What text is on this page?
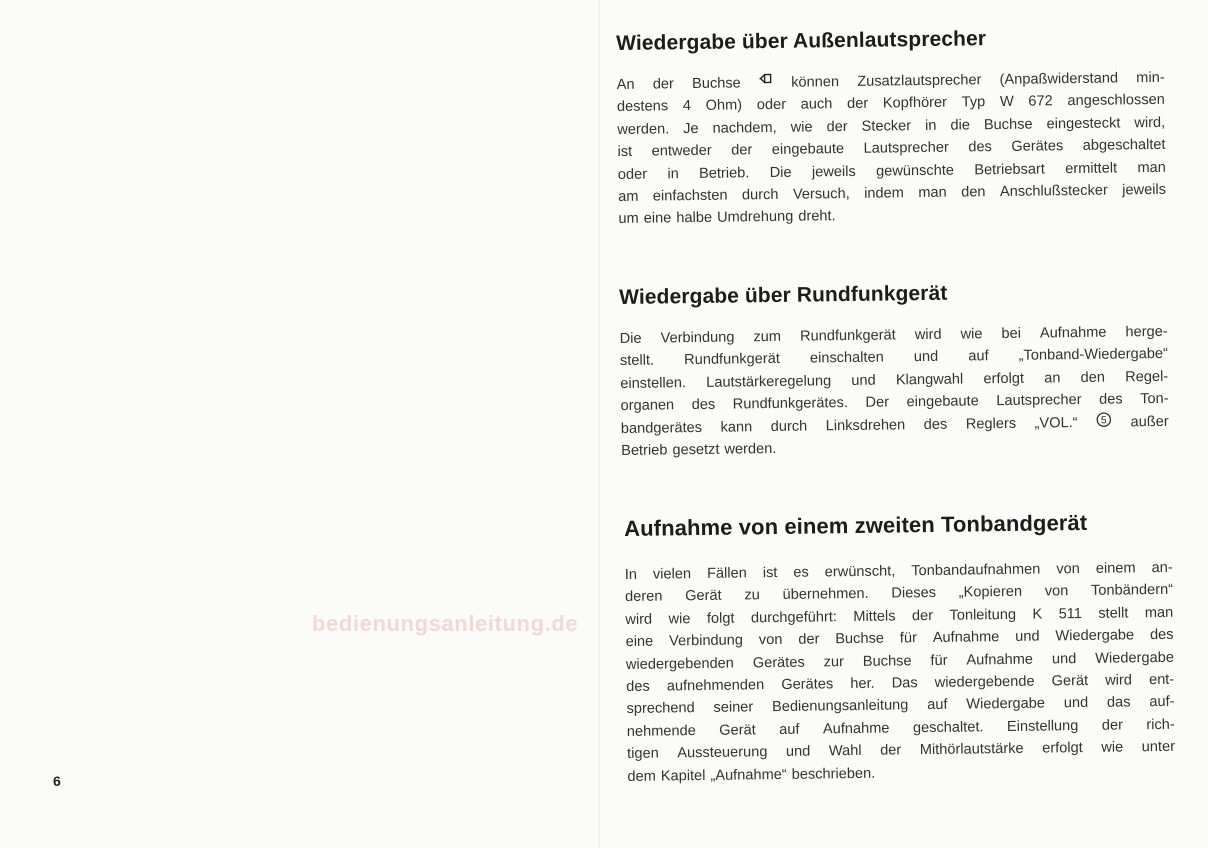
bedienungsanleitung.de
Wiedergabe über Außenlautsprecher
An der Buchse	können Zusatzlautsprecher (Anpaßwiderstand min-
destens 4 Ohm) oder auch der Kopfhörer Typ W 672 angeschlossen
werden. Je nachdem, wie der Stecker in die Buchse eingesteckt wird,
ist entweder der eingebaute Lautsprecher des Gerätes abgeschaltet
oder in Betrieb. Die jeweils gewünschte Betriebsart ermittelt man
am einfachsten durch Versuch, indem man den Anschlußstecker jeweils
um eine halbe Umdrehung dreht.
Wiedergabe über Rundfunkgerät
Die Verbindung zum Rundfunkgerät wird wie bei Aufnahme herge-
stellt. Rundfunkgerät einschalten und auf „Tonband-Wiedergabe“
einstellen. Lautstärkeregelung und Klangwahl erfolgt an den Regel-
organen des Rundfunkgerätes. Der eingebaute Lautsprecher des Ton-
bandgerätes kann durch Linksdrehen des Reglers „VOL.“ 5 außer
Betrieb gesetzt werden.
Aufnahme von einem zweiten Tonbandgerät
In vielen Fällen ist es erwünscht, Tonbandaufnahmen von einem an-
deren Gerät zu übernehmen. Dieses „Kopieren von Tonbändern“
wird wie folgt durchgeführt: Mittels der Tonleitung K 511 stellt man
eine Verbindung von der Buchse für Aufnahme und Wiedergabe des
wiedergebenden Gerätes zur Buchse für Aufnahme und Wiedergabe
des aufnehmenden Gerätes her. Das wiedergebende Gerät wird ent-
sprechend seiner Bedienungsanleitung auf Wiedergabe und das auf-
nehmende Gerät auf Aufnahme geschaltet. Einstellung der rich-
tigen Aussteuerung und Wahl der Mithörlautstärke erfolgt wie unter
dem Kapitel „Aufnahme“ beschrieben.
6
